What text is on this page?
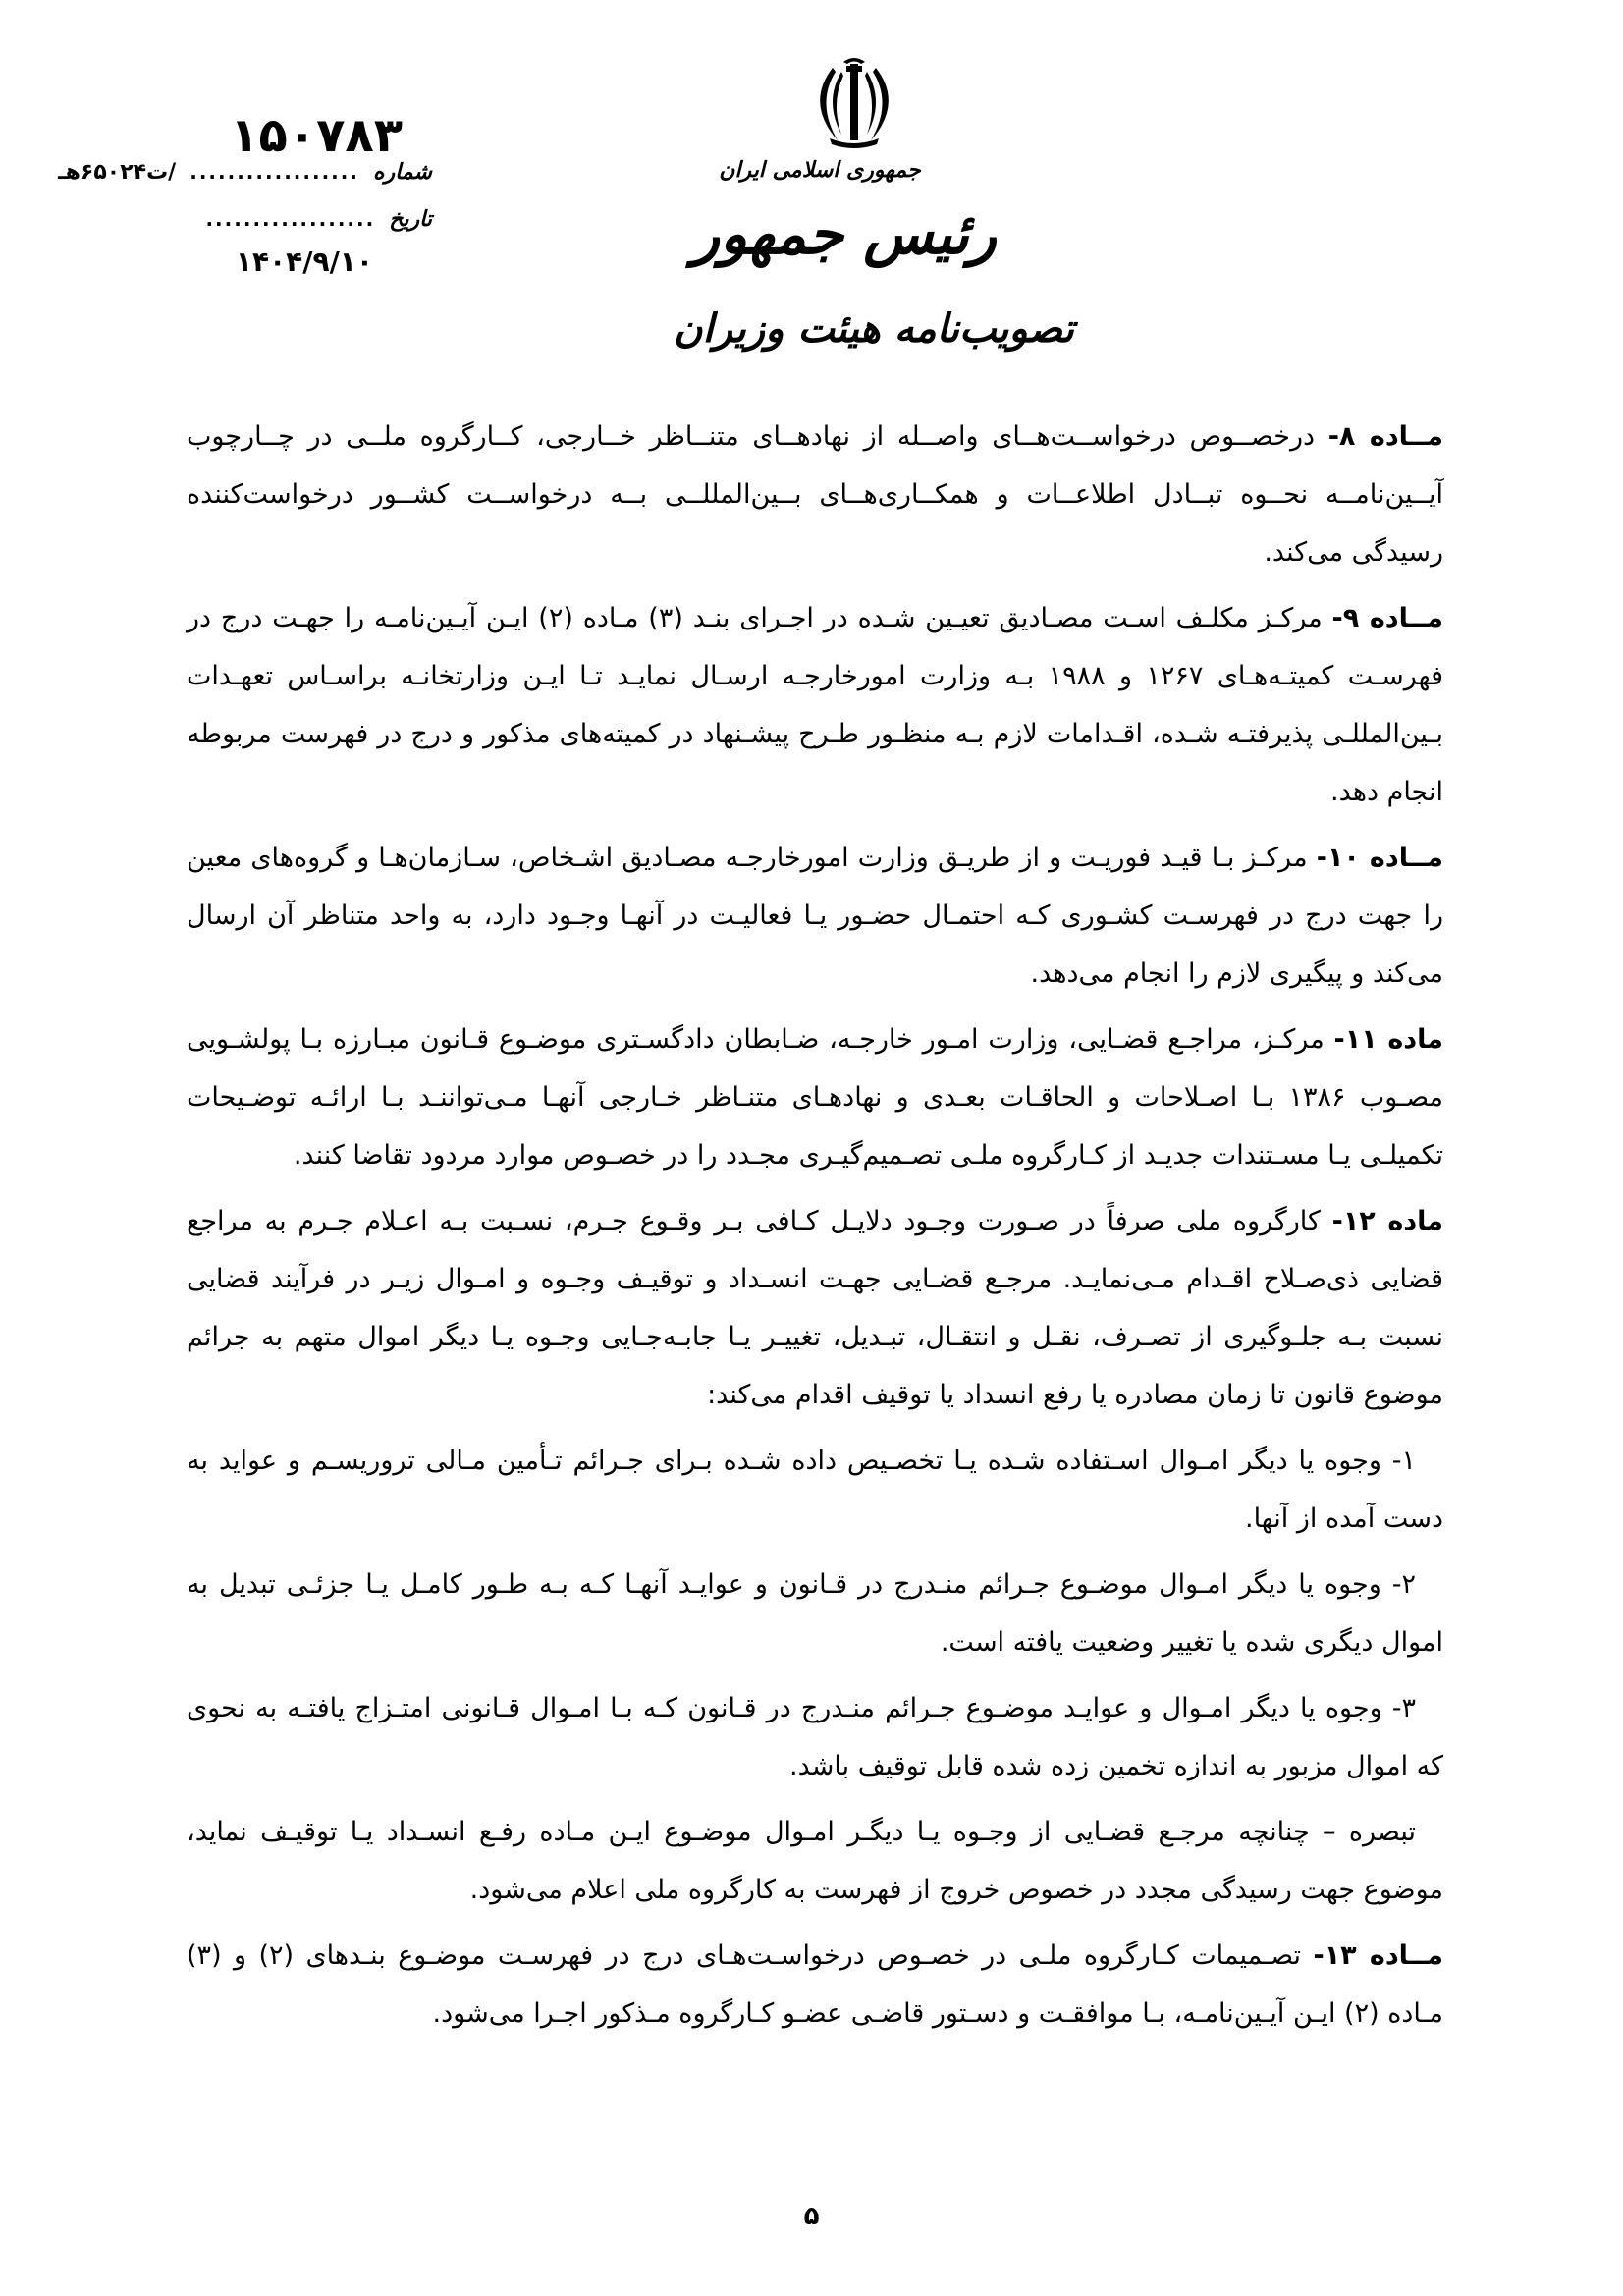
جمهوری اسلامی ایران
رئیس جمهور
تصویب‌نامه هیئت وزیران
۱۵۰۷۸۳
شماره
..................
/ت۶۵۰۲۴هـ
تاریخ
..................
۱۴۰۴/۹/۱۰

مــاده ۸- درخصــوص درخواســت‌هــای واصــله از نهادهــای متنــاظر خــارجی، کــارگروه ملــی در چــارچوب آیــین‌نامــه نحــوه تبــادل اطلاعــات و همکــاری‌هــای بــین‌المللــی بــه درخواســت کشــور درخواست‌کننده رسیدگی می‌کند.

مــاده ۹- مرکـز مکلـف اسـت مصـادیق تعیـین شـده در اجـرای بنـد (۳) مـاده (۲) ایـن آیـین‌نامـه را جهـت درج در فهرسـت کمیتـه‌هـای ۱۲۶۷ و ۱۹۸۸ بـه وزارت امورخارجـه ارسـال نمایـد تـا ایـن وزارتخانـه براسـاس تعهـدات بـین‌المللـی پذیرفتـه شـده، اقـدامات لازم بـه منظـور طـرح پیشـنهاد در کمیته‌های مذکور و درج در فهرست مربوطه انجام دهد.

مــاده ۱۰- مرکـز بـا قیـد فوریـت و از طریـق وزارت امورخارجـه مصـادیق اشـخاص، سـازمان‌هـا و گروه‌های معین را جهت درج در فهرسـت کشـوری کـه احتمـال حضـور یـا فعالیـت در آنهـا وجـود دارد، به واحد متناظر آن ارسال می‌کند و پیگیری لازم را انجام می‌دهد.

ماده ۱۱- مرکـز، مراجـع قضـایی، وزارت امـور خارجـه، ضـابطان دادگسـتری موضـوع قـانون مبـارزه بـا پولشـویی مصـوب ۱۳۸۶ بـا اصـلاحات و الحاقـات بعـدی و نهادهـای متنـاظر خـارجی آنهـا مـی‌تواننـد بـا ارائـه توضـیحات تکمیلـی یـا مسـتندات جدیـد از کـارگروه ملـی تصـمیم‌گیـری مجـدد را در خصـوص موارد مردود تقاضا کنند.

ماده ۱۲- کارگروه ملی صرفاً در صـورت وجـود دلایـل کـافی بـر وقـوع جـرم، نسـبت بـه اعـلام جـرم به مراجع قضایی ذی‌صـلاح اقـدام مـی‌نمایـد. مرجـع قضـایی جهـت انسـداد و توقیـف وجـوه و امـوال زیـر در فرآیند قضایی نسبت بـه جلـوگیری از تصـرف، نقـل و انتقـال، تبـدیل، تغییـر یـا جابـه‌جـایی وجـوه یـا دیگر اموال متهم به جرائم موضوع قانون تا زمان مصادره یا رفع انسداد یا توقیف اقدام می‌کند:

۱- وجوه یا دیگر امـوال اسـتفاده شـده یـا تخصـیص داده شـده بـرای جـرائم تـأمین مـالی تروریسـم و عواید به دست آمده از آنها.

۲- وجوه یا دیگر امـوال موضـوع جـرائم منـدرج در قـانون و عوایـد آنهـا کـه بـه طـور کامـل یـا جزئـی تبدیل به اموال دیگری شده یا تغییر وضعیت یافته است.

۳- وجوه یا دیگر امـوال و عوایـد موضـوع جـرائم منـدرج در قـانون کـه بـا امـوال قـانونی امتـزاج یافتـه به نحوی که اموال مزبور به اندازه تخمین زده شده قابل توقیف باشد.

تبصره – چنانچه مرجـع قضـایی از وجـوه یـا دیگـر امـوال موضـوع ایـن مـاده رفـع انسـداد یـا توقیـف نماید، موضوع جهت رسیدگی مجدد در خصوص خروج از فهرست به کارگروه ملی اعلام می‌شود.

مــاده ۱۳- تصـمیمات کـارگروه ملـی در خصـوص درخواسـت‌هـای درج در فهرسـت موضـوع بنـدهای (۲) و (۳) مـاده (۲) ایـن آیـین‌نامـه، بـا موافقـت و دسـتور قاضـی عضـو کـارگروه مـذکور اجـرا می‌شود.

۵
